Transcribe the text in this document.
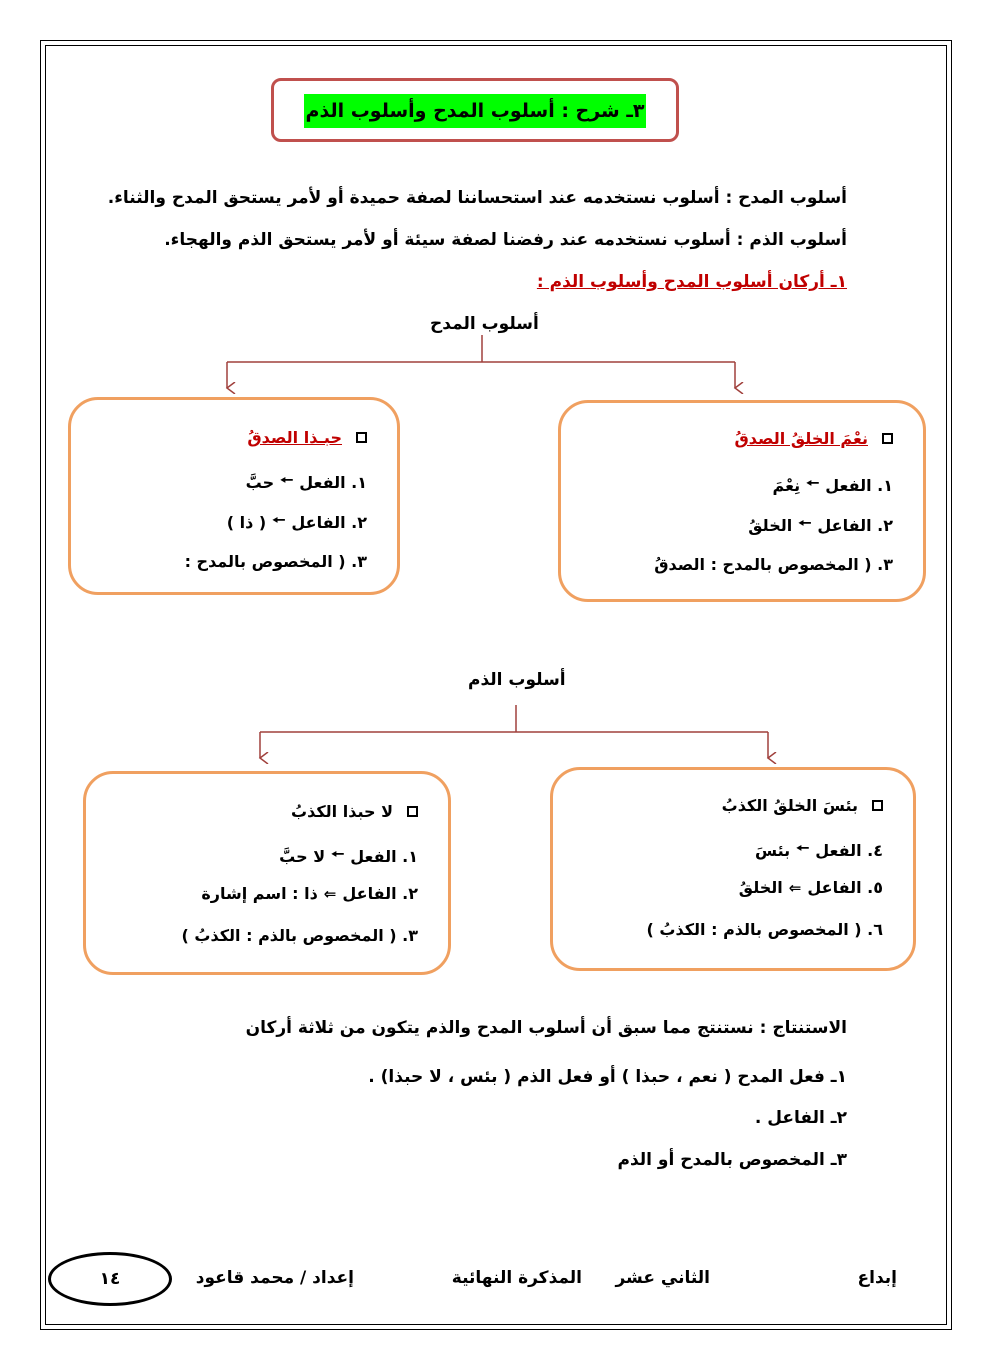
٣ـ شرح : أسلوب المدح وأسلوب الذم
أسلوب المدح : أسلوب نستخدمه عند استحساننا لصفة حميدة أو لأمر يستحق المدح والثناء.
أسلوب الذم : أسلوب نستخدمه عند رفضنا لصفة سيئة أو لأمر يستحق الذم والهجاء.
١ـ أركان أسلوب المدح وأسلوب الذم :
أسلوب المدح
نعْمَ الخلقُ الصدقُ
١. الفعل
🠔
نِعْمَ
٢. الفاعل
🠔
الخلقُ
٣. ( المخصوص بالمدح : الصدقُ
حبـذا الصدقُ
١. الفعل
🠔
حبَّ
٢. الفاعل
🠔
( ذا )
٣. ( المخصوص بالمدح :
أسلوب الذم
بئسَ الخلقُ الكذبُ
٤. الفعل
🠔
بئسَ
٥. الفاعل
⇐
الخلقُ
٦. ( المخصوص بالذم : الكذبُ )
لا حبذا الكذبُ
١. الفعل
🠔
لا حبَّ
٢. الفاعل
⇐
ذا : اسم إشارة
٣. ( المخصوص بالذم : الكذبُ )
الاستنتاج : نستنتج مما سبق أن أسلوب المدح والذم يتكون من ثلاثة أركان
١ـ فعل المدح ( نعم ، حبذا ) أو فعل الذم ( بئس ، لا حبذا) .
٢ـ الفاعل .
٣ـ المخصوص بالمدح أو الذم
إبداع
الثاني عشر
المذكرة النهائية
إعداد / محمد قاعود
١٤
